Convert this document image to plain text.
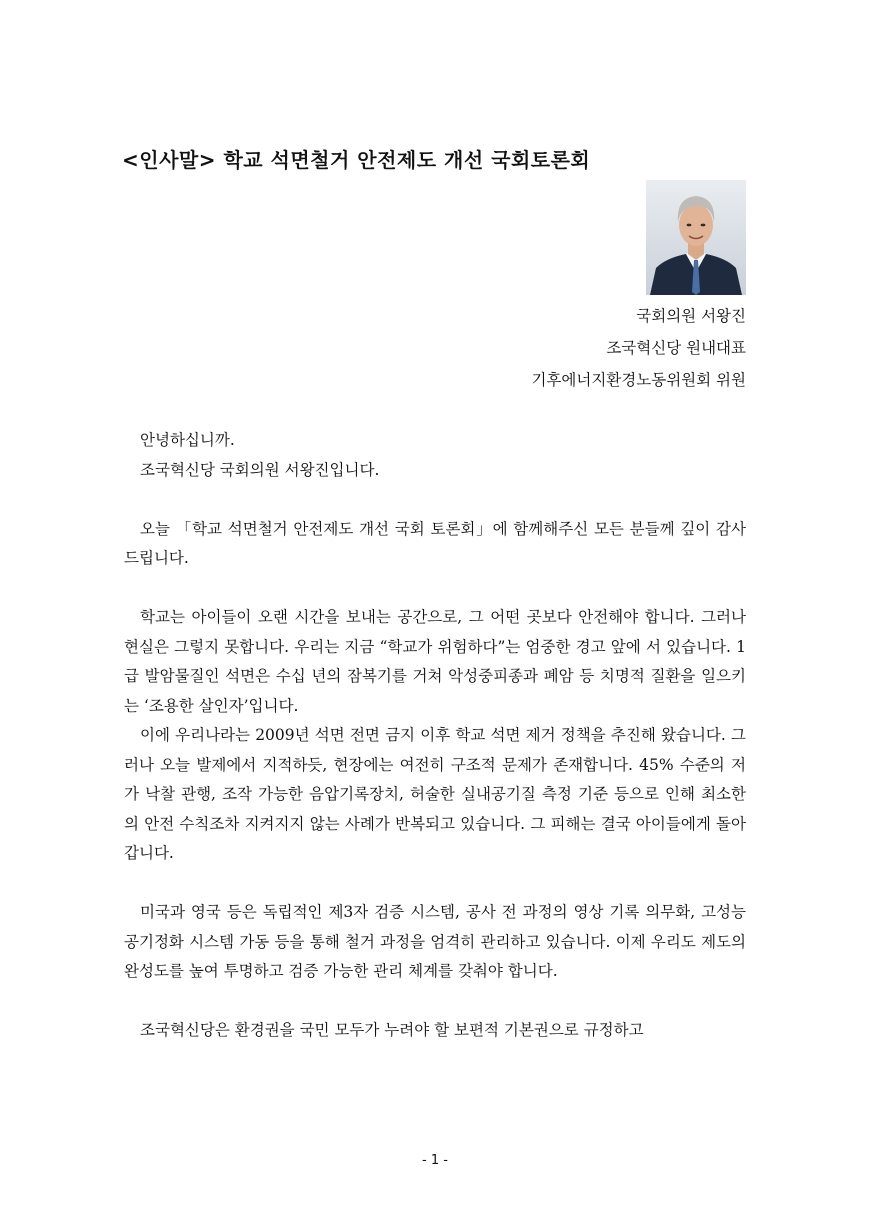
<인사말> 학교 석면철거 안전제도 개선 국회토론회

국회의원 서왕진

조국혁신당 원내대표

기후에너지환경노동위원회 위원

안녕하십니까.

조국혁신당 국회의원 서왕진입니다.

오늘 「학교 석면철거 안전제도 개선 국회 토론회」에 함께해주신 모든 분들께 깊이 감사드립니다.

학교는 아이들이 오랜 시간을 보내는 공간으로, 그 어떤 곳보다 안전해야 합니다. 그러나 현실은 그렇지 못합니다. 우리는 지금 “학교가 위험하다”는 엄중한 경고 앞에 서 있습니다. 1급 발암물질인 석면은 수십 년의 잠복기를 거쳐 악성중피종과 폐암 등 치명적 질환을 일으키는 ‘조용한 살인자’입니다.

이에 우리나라는 2009년 석면 전면 금지 이후 학교 석면 제거 정책을 추진해 왔습니다. 그러나 오늘 발제에서 지적하듯, 현장에는 여전히 구조적 문제가 존재합니다. 45% 수준의 저가 낙찰 관행, 조작 가능한 음압기록장치, 허술한 실내공기질 측정 기준 등으로 인해 최소한의 안전 수칙조차 지켜지지 않는 사례가 반복되고 있습니다. 그 피해는 결국 아이들에게 돌아갑니다.

미국과 영국 등은 독립적인 제3자 검증 시스템, 공사 전 과정의 영상 기록 의무화, 고성능 공기정화 시스템 가동 등을 통해 철거 과정을 엄격히 관리하고 있습니다. 이제 우리도 제도의 완성도를 높여 투명하고 검증 가능한 관리 체계를 갖춰야 합니다.

조국혁신당은 환경권을 국민 모두가 누려야 할 보편적 기본권으로 규정하고

- 1 -
